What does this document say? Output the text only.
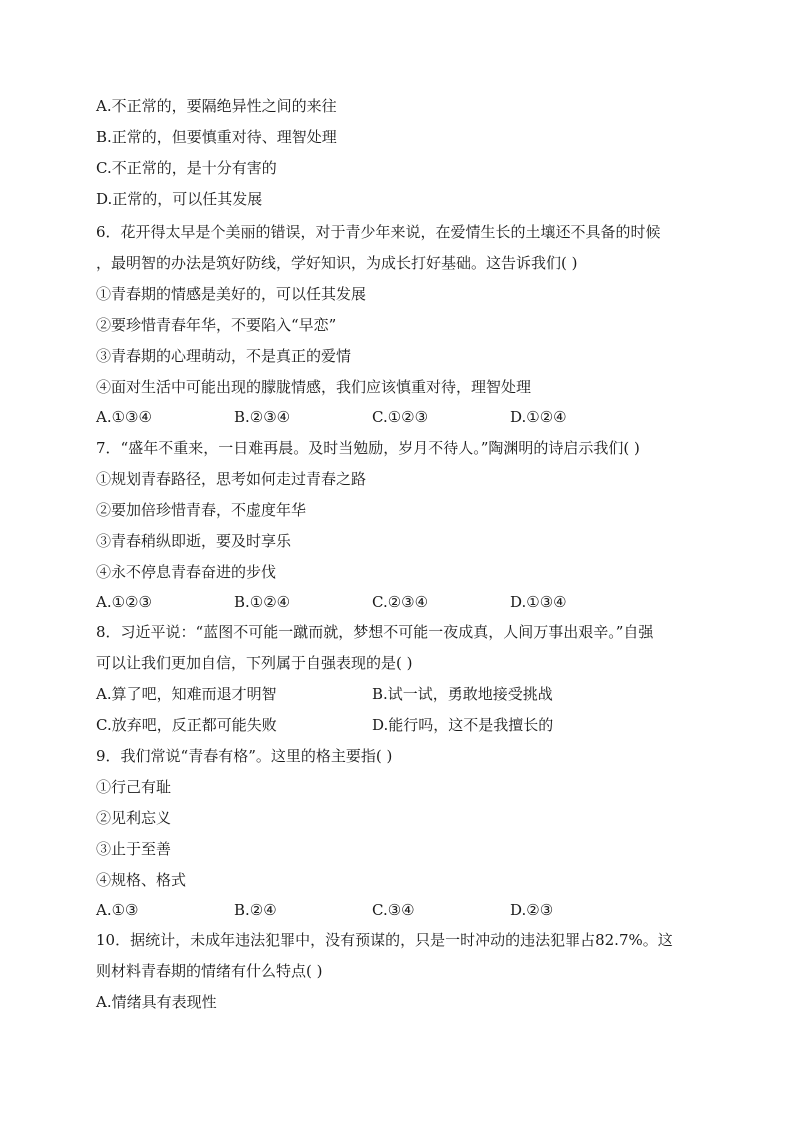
A.不正常的，要隔绝异性之间的来往
B.正常的，但要慎重对待、理智处理
C.不正常的，是十分有害的
D.正常的，可以任其发展
6．花开得太早是个美丽的错误，对于青少年来说，在爱情生长的土壤还不具备的时候
，最明智的办法是筑好防线，学好知识，为成长打好基础。这告诉我们( )
①青春期的情感是美好的，可以任其发展
②要珍惜青春年华，不要陷入“早恋”
③青春期的心理萌动，不是真正的爱情
④面对生活中可能出现的朦胧情感，我们应该慎重对待，理智处理
A.①③④	B.②③④	C.①②③	D.①②④
7．“盛年不重来，一日难再晨。及时当勉励，岁月不待人。”陶渊明的诗启示我们( )
①规划青春路径，思考如何走过青春之路
②要加倍珍惜青春，不虚度年华
③青春稍纵即逝，要及时享乐
④永不停息青春奋进的步伐
A.①②③	B.①②④	C.②③④	D.①③④
8．习近平说：“蓝图不可能一蹴而就，梦想不可能一夜成真，人间万事出艰辛。”自强
可以让我们更加自信，下列属于自强表现的是( )
A.算了吧，知难而退才明智	B.试一试，勇敢地接受挑战
C.放弃吧，反正都可能失败	D.能行吗，这不是我擅长的
9．我们常说“青春有格”。这里的格主要指( )
①行己有耻
②见利忘义
③止于至善
④规格、格式
A.①③	B.②④	C.③④	D.②③
10．据统计，未成年违法犯罪中，没有预谋的，只是一时冲动的违法犯罪占82.7%。这
则材料青春期的情绪有什么特点( )
A.情绪具有表现性
